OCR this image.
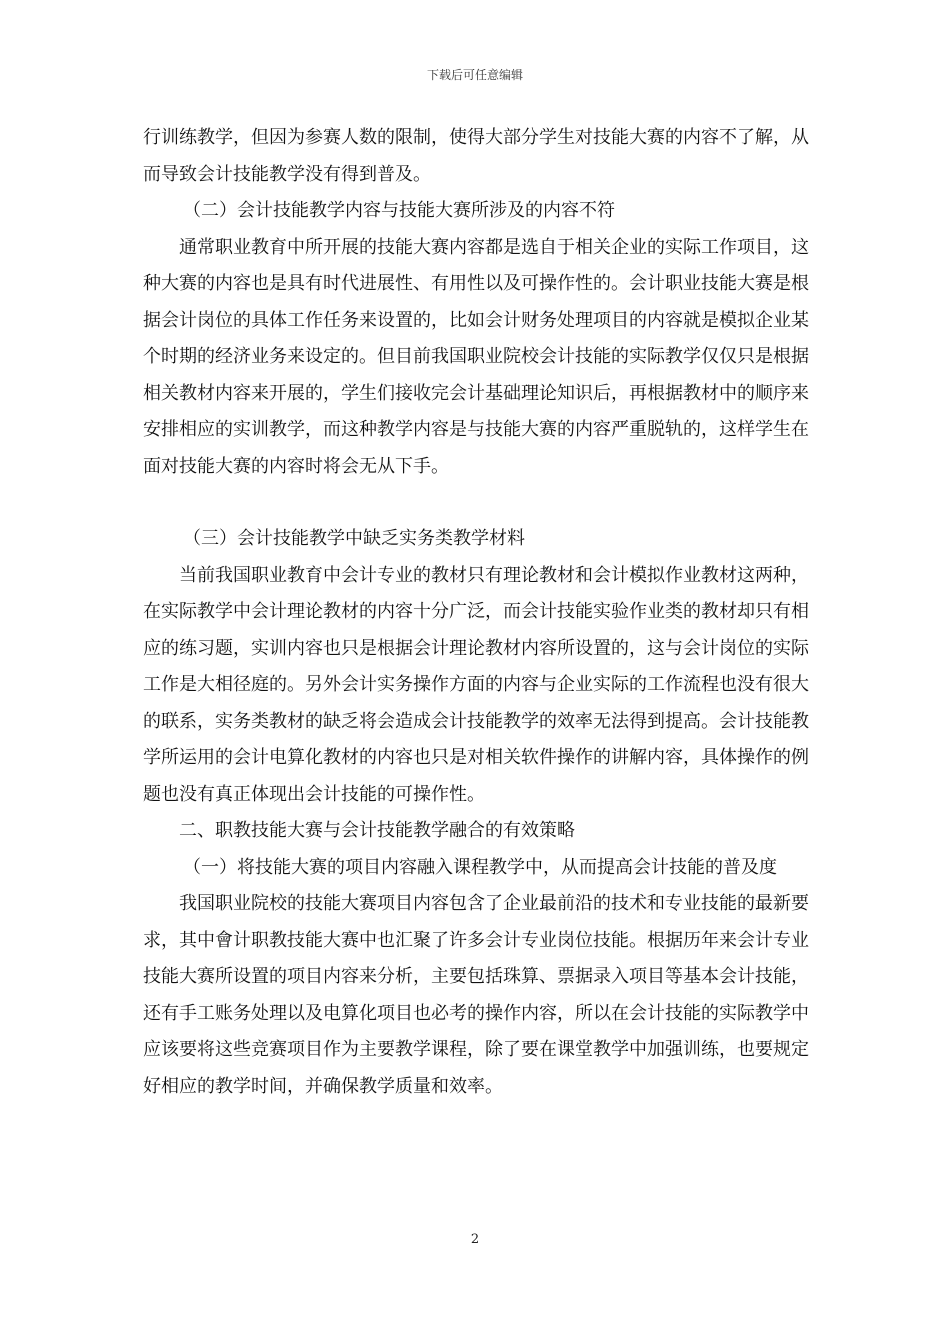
下载后可任意编辑

行训练教学，但因为参赛人数的限制，使得大部分学生对技能大赛的内容不了解，从而导致会计技能教学没有得到普及。

（二）会计技能教学内容与技能大赛所涉及的内容不符

通常职业教育中所开展的技能大赛内容都是选自于相关企业的实际工作项目，这种大赛的内容也是具有时代进展性、有用性以及可操作性的。会计职业技能大赛是根据会计岗位的具体工作任务来设置的，比如会计财务处理项目的内容就是模拟企业某个时期的经济业务来设定的。但目前我国职业院校会计技能的实际教学仅仅只是根据相关教材内容来开展的，学生们接收完会计基础理论知识后，再根据教材中的顺序来安排相应的实训教学，而这种教学内容是与技能大赛的内容严重脱轨的，这样学生在面对技能大赛的内容时将会无从下手。

（三）会计技能教学中缺乏实务类教学材料

当前我国职业教育中会计专业的教材只有理论教材和会计模拟作业教材这两种，在实际教学中会计理论教材的内容十分广泛，而会计技能实验作业类的教材却只有相应的练习题，实训内容也只是根据会计理论教材内容所设置的，这与会计岗位的实际工作是大相径庭的。另外会计实务操作方面的内容与企业实际的工作流程也没有很大的联系，实务类教材的缺乏将会造成会计技能教学的效率无法得到提高。会计技能教学所运用的会计电算化教材的内容也只是对相关软件操作的讲解内容，具体操作的例题也没有真正体现出会计技能的可操作性。

二、职教技能大赛与会计技能教学融合的有效策略

（一）将技能大赛的项目内容融入课程教学中，从而提高会计技能的普及度

我国职业院校的技能大赛项目内容包含了企业最前沿的技术和专业技能的最新要求，其中會计职教技能大赛中也汇聚了许多会计专业岗位技能。根据历年来会计专业技能大赛所设置的项目内容来分析，主要包括珠算、票据录入项目等基本会计技能，还有手工账务处理以及电算化项目也必考的操作内容，所以在会计技能的实际教学中应该要将这些竞赛项目作为主要教学课程，除了要在课堂教学中加强训练，也要规定好相应的教学时间，并确保教学质量和效率。

2
